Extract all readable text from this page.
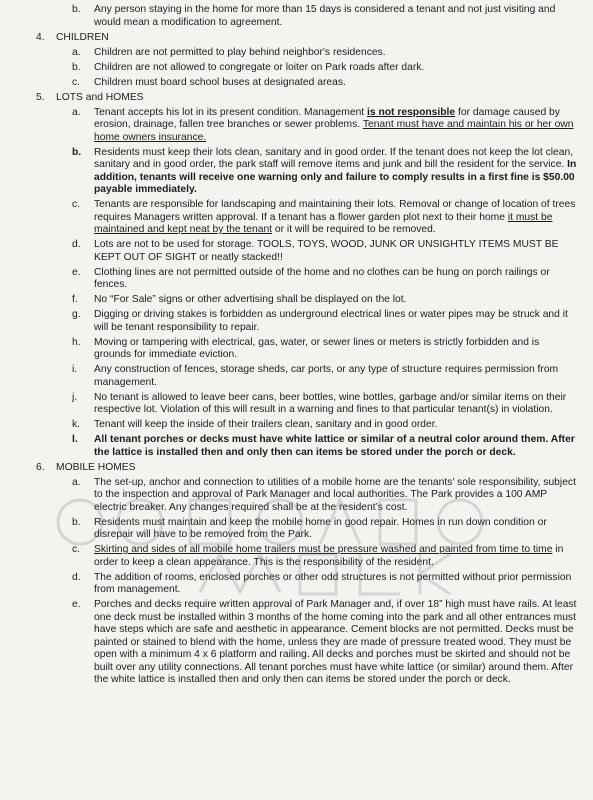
b.	Any person staying in the home for more than 15 days is considered a tenant and not just visiting and would mean a modification to agreement.
4.	CHILDREN
a.	Children are not permitted to play behind neighbor's residences.
b.	Children are not allowed to congregate or loiter on Park roads after dark.
c.	Children must board school buses at designated areas.
5.	LOTS and HOMES
a.	Tenant accepts his lot in its present condition. Management is not responsible for damage caused by erosion, drainage, fallen tree branches or sewer problems. Tenant must have and maintain his or her own home owners insurance.
b.	Residents must keep their lots clean, sanitary and in good order. If the tenant does not keep the lot clean, sanitary and in good order, the park staff will remove items and junk and bill the resident for the service. In addition, tenants will receive one warning only and failure to comply results in a first fine is $50.00 payable immediately.
c.	Tenants are responsible for landscaping and maintaining their lots. Removal or change of location of trees requires Managers written approval. If a tenant has a flower garden plot next to their home it must be maintained and kept neat by the tenant or it will be required to be removed.
d.	Lots are not to be used for storage. TOOLS, TOYS, WOOD, JUNK OR UNSIGHTLY ITEMS MUST BE KEPT OUT OF SIGHT or neatly stacked!!
e.	Clothing lines are not permitted outside of the home and no clothes can be hung on porch railings or fences.
f.	No “For Sale” signs or other advertising shall be displayed on the lot.
g.	Digging or driving stakes is forbidden as underground electrical lines or water pipes may be struck and it will be tenant responsibility to repair.
h.	Moving or tampering with electrical, gas, water, or sewer lines or meters is strictly forbidden and is grounds for immediate eviction.
i.	Any construction of fences, storage sheds, car ports, or any type of structure requires permission from management.
j.	No tenant is allowed to leave beer cans, beer bottles, wine bottles, garbage and/or similar items on their respective lot. Violation of this will result in a warning and fines to that particular tenant(s) in violation.
k.	Tenant will keep the inside of their trailers clean, sanitary and in good order.
l.	All tenant porches or decks must have white lattice or similar of a neutral color around them. After the lattice is installed then and only then can items be stored under the porch or deck.
6.	MOBILE HOMES
a.	The set-up, anchor and connection to utilities of a mobile home are the tenants’ sole responsibility, subject to the inspection and approval of Park Manager and local authorities. The Park provides a 100 AMP electric breaker. Any changes required shall be at the resident’s cost.
b.	Residents must maintain and keep the mobile home in good repair. Homes in run down condition or disrepair will have to be removed from the Park.
c.	Skirting and sides of all mobile home trailers must be pressure washed and painted from time to time in order to keep a clean appearance. This is the responsibility of the resident.
d.	The addition of rooms, enclosed porches or other odd structures is not permitted without prior permission from management.
e.	Porches and decks require written approval of Park Manager and, if over 18” high must have rails. At least one deck must be installed within 3 months of the home coming into the park and all other entrances must have steps which are safe and aesthetic in appearance. Cement blocks are not permitted. Decks must be painted or stained to blend with the home, unless they are made of pressure treated wood. They must be open with a minimum 4 x 6 platform and railing. All decks and porches must be skirted and should not be built over any utility connections. All tenant porches must have white lattice (or similar) around them. After the white lattice is installed then and only then can items be stored under the porch or deck.
